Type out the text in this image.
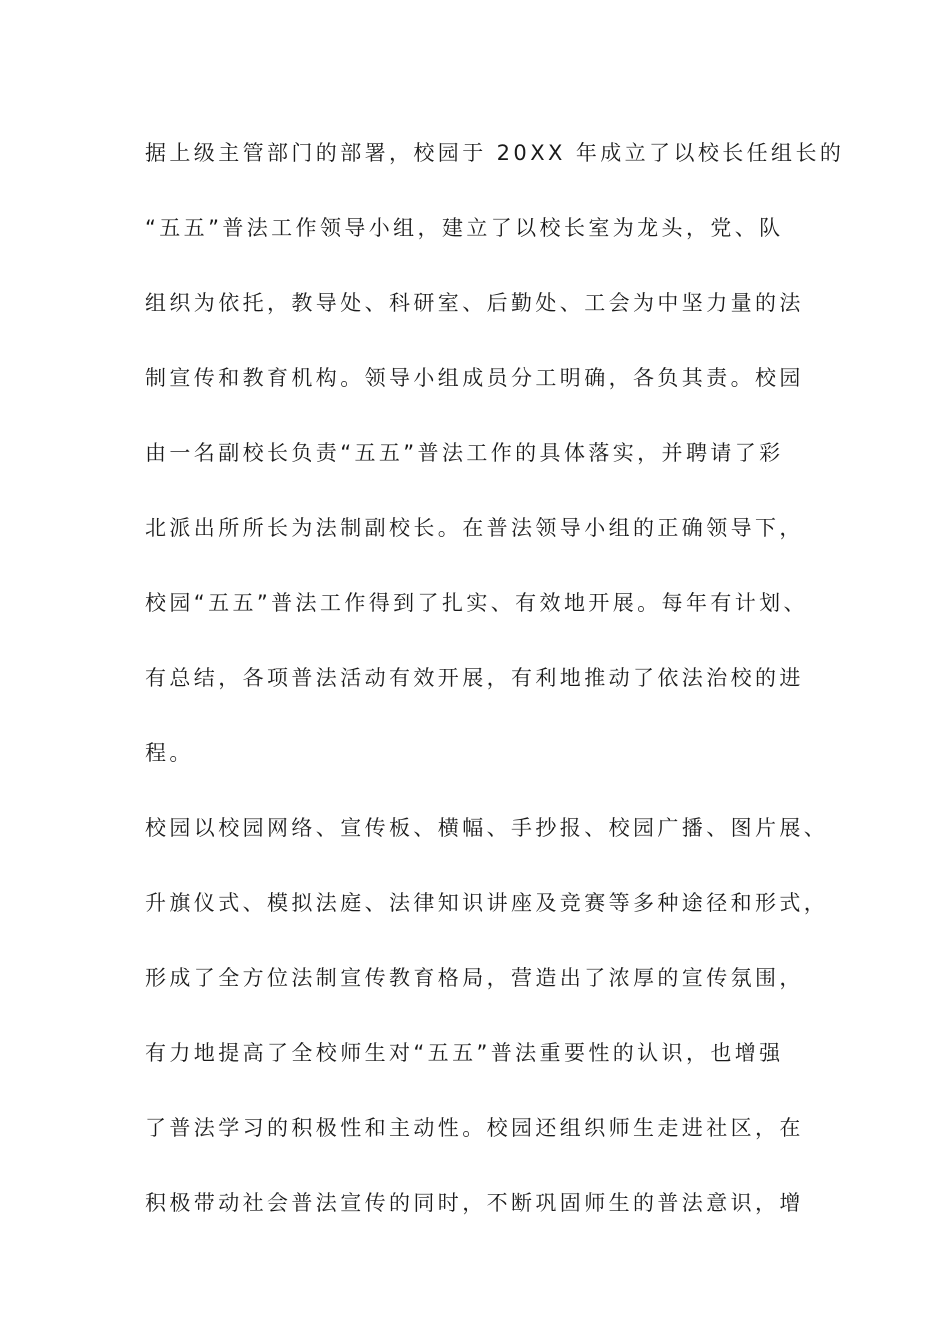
据上级主管部门的部署，校园于 20XX 年成立了以校长任组长的

“五五”普法工作领导小组，建立了以校长室为龙头，党、队

组织为依托，教导处、科研室、后勤处、工会为中坚力量的法

制宣传和教育机构。领导小组成员分工明确，各负其责。校园

由一名副校长负责“五五”普法工作的具体落实，并聘请了彩

北派出所所长为法制副校长。在普法领导小组的正确领导下，

校园“五五”普法工作得到了扎实、有效地开展。每年有计划、

有总结，各项普法活动有效开展，有利地推动了依法治校的进

程。

校园以校园网络、宣传板、横幅、手抄报、校园广播、图片展、

升旗仪式、模拟法庭、法律知识讲座及竞赛等多种途径和形式，

形成了全方位法制宣传教育格局，营造出了浓厚的宣传氛围，

有力地提高了全校师生对“五五”普法重要性的认识，也增强

了普法学习的积极性和主动性。校园还组织师生走进社区，在

积极带动社会普法宣传的同时，不断巩固师生的普法意识，增
